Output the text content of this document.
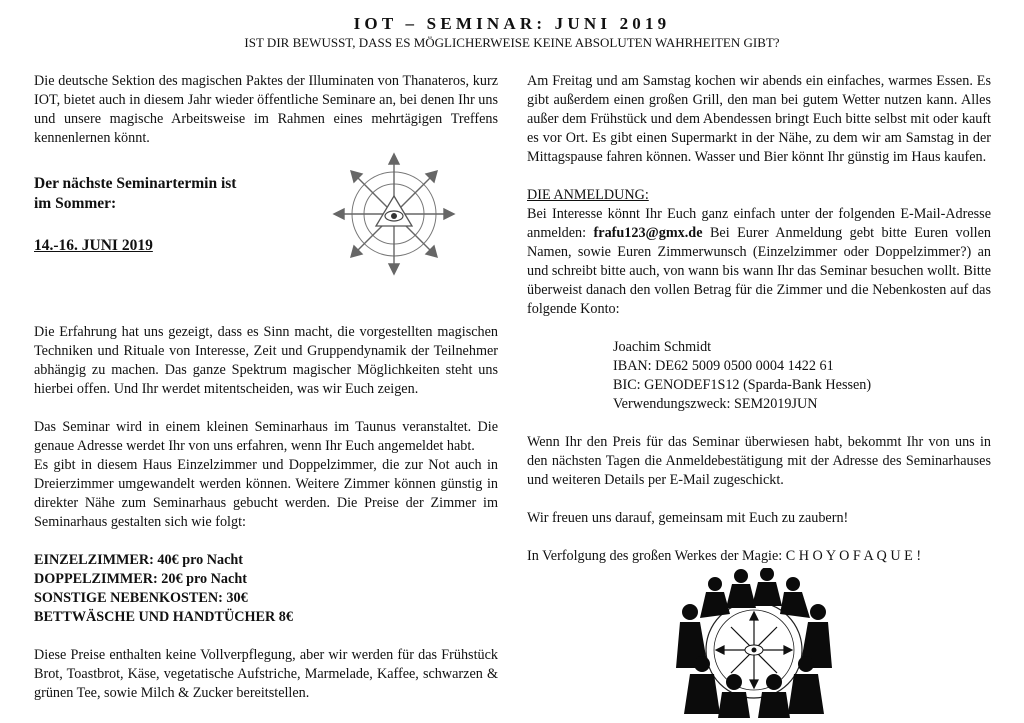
IOT – SEMINAR: JUNI 2019
IST DIR BEWUSST, DASS ES MÖGLICHERWEISE KEINE ABSOLUTEN WAHRHEITEN GIBT?

Die deutsche Sektion des magischen Paktes der Illuminaten von Thanateros, kurz IOT, bietet auch in diesem Jahr wieder öffentliche Seminare an, bei denen Ihr uns und unsere magische Arbeitsweise im Rahmen eines mehrtägigen Treffens kennenlernen könnt.

Der nächste Seminartermin ist
im Sommer:
14.-16. JUNI 2019

Die Erfahrung hat uns gezeigt, dass es Sinn macht, die vorgestellten magischen Techniken und Rituale von Interesse, Zeit und Gruppendynamik der Teilnehmer abhängig zu machen. Das ganze Spektrum magischer Möglichkeiten steht uns hierbei offen. Und Ihr werdet mitentscheiden, was wir Euch zeigen.

Das Seminar wird in einem kleinen Seminarhaus im Taunus veranstaltet. Die genaue Adresse werdet Ihr von uns erfahren, wenn Ihr Euch angemeldet habt.

Es gibt in diesem Haus Einzelzimmer und Doppelzimmer, die zur Not auch in Dreierzimmer umgewandelt werden können. Weitere Zimmer können günstig in direkter Nähe zum Seminarhaus gebucht werden. Die Preise der Zimmer im Seminarhaus gestalten sich wie folgt:

EINZELZIMMER: 40€ pro Nacht

DOPPELZIMMER: 20€ pro Nacht

SONSTIGE NEBENKOSTEN: 30€

BETTWÄSCHE UND HANDTÜCHER 8€

Diese Preise enthalten keine Vollverpflegung, aber wir werden für das Frühstück Brot, Toastbrot, Käse, vegetatische Aufstriche, Marmelade, Kaffee, schwarzen & grünen Tee, sowie Milch & Zucker bereitstellen.

Am Freitag und am Samstag kochen wir abends ein einfaches, warmes Essen. Es gibt außerdem einen großen Grill, den man bei gutem Wetter nutzen kann. Alles außer dem Frühstück und dem Abendessen bringt Euch bitte selbst mit oder kauft es vor Ort. Es gibt einen Supermarkt in der Nähe, zu dem wir am Samstag in der Mittagspause fahren können. Wasser und Bier könnt Ihr günstig im Haus kaufen.

DIE ANMELDUNG:

Bei Interesse könnt Ihr Euch ganz einfach unter der folgenden E-Mail-Adresse anmelden: frafu123@gmx.de Bei Eurer Anmeldung gebt bitte Euren vollen Namen, sowie Euren Zimmerwunsch (Einzelzimmer oder Doppelzimmer?) an und schreibt bitte auch, von wann bis wann Ihr das Seminar besuchen wollt. Bitte überweist danach den vollen Betrag für die Zimmer und die Nebenkosten auf das folgende Konto:

Joachim Schmidt

IBAN: DE62 5009 0500 0004 1422 61

BIC: GENODEF1S12 (Sparda-Bank Hessen)

Verwendungszweck: SEM2019JUN

Wenn Ihr den Preis für das Seminar überwiesen habt, bekommt Ihr von uns in den nächsten Tagen die Anmeldebestätigung mit der Adresse des Seminarhauses und weiteren Details per E-Mail zugeschickt.

Wir freuen uns darauf, gemeinsam mit Euch zu zaubern!

In Verfolgung des großen Werkes der Magie: C H O Y O F A Q U E !
